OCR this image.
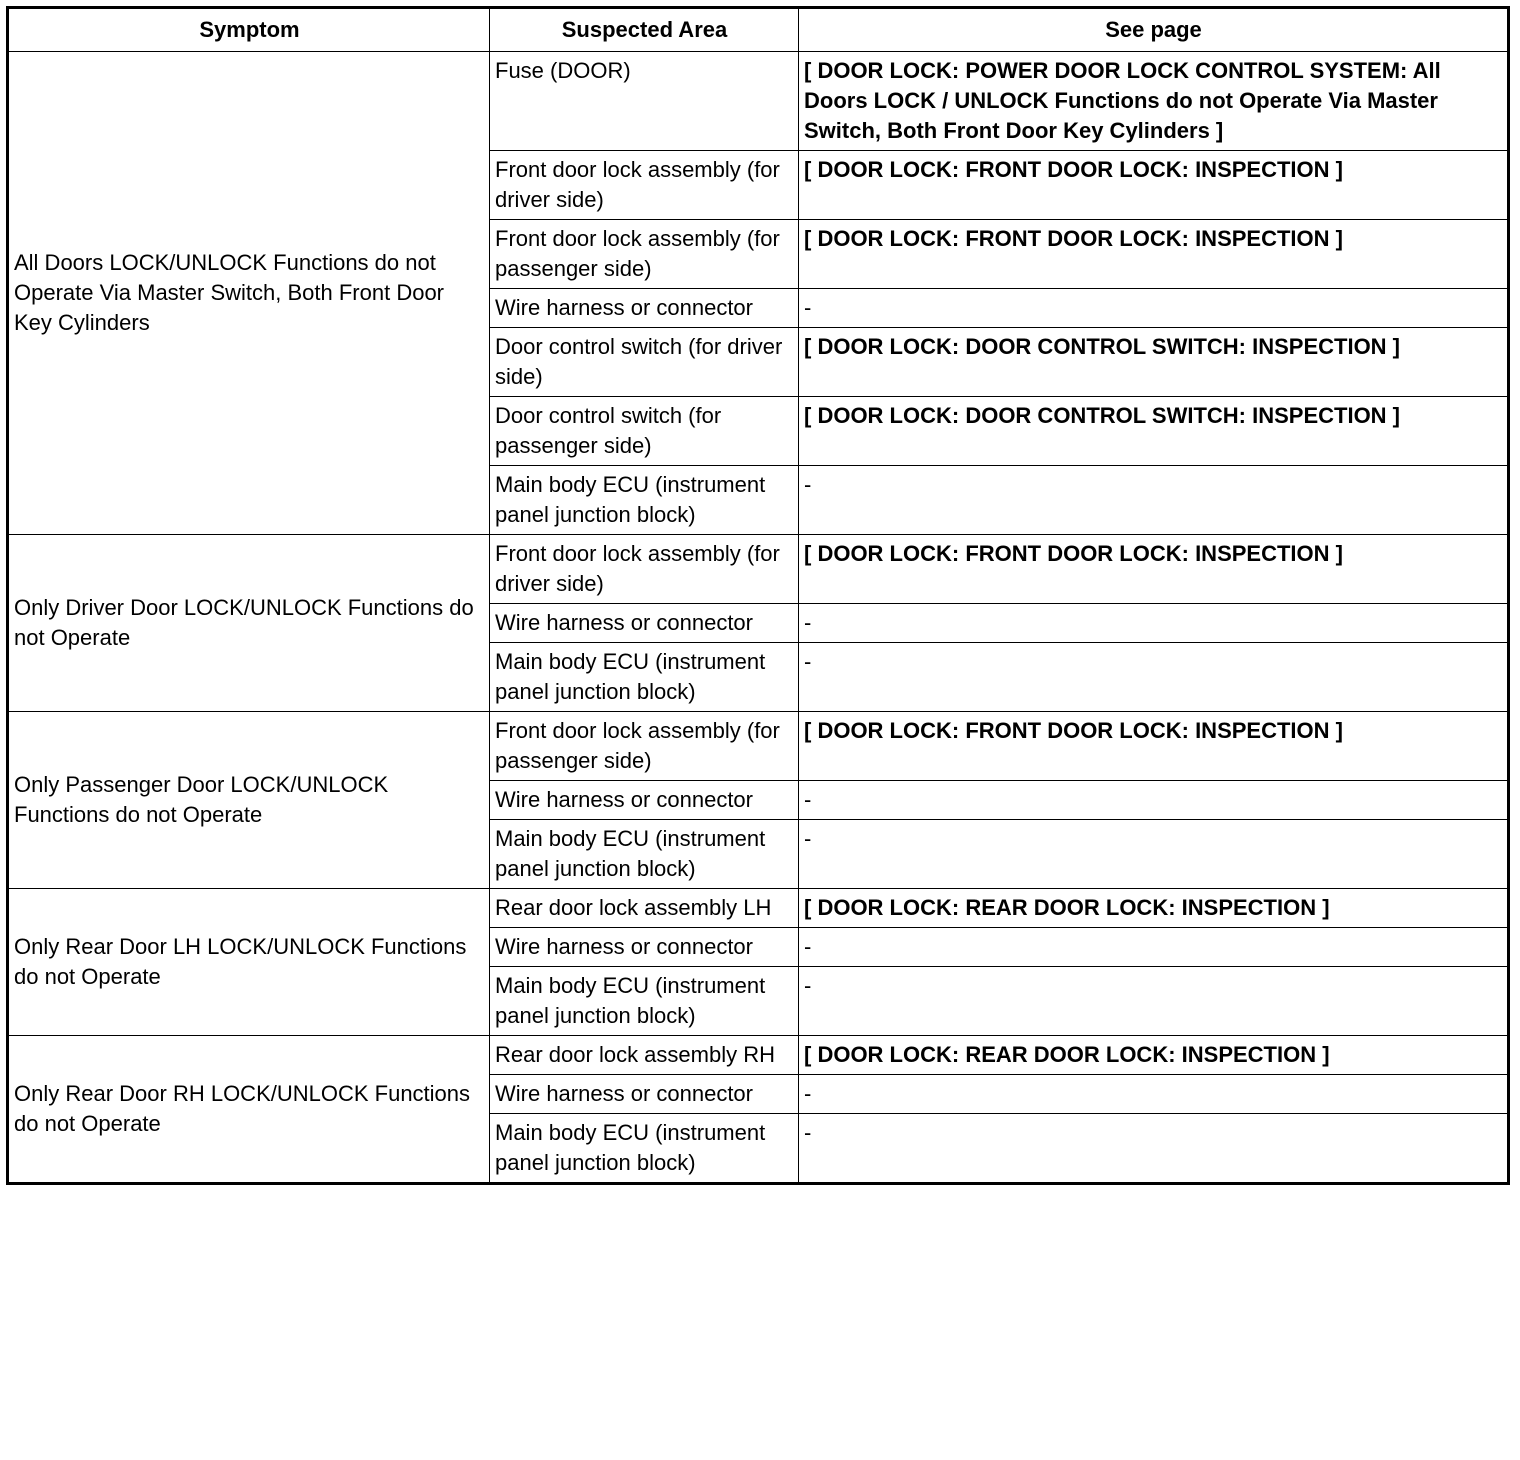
Symptom	Suspected Area	See page
All Doors LOCK/UNLOCK Functions do not Operate Via Master Switch, Both Front Door Key Cylinders	Fuse (DOOR)	[ DOOR LOCK: POWER DOOR LOCK CONTROL SYSTEM: All Doors LOCK / UNLOCK Functions do not Operate Via Master Switch, Both Front Door Key Cylinders ]
	Front door lock assembly (for driver side)	[ DOOR LOCK: FRONT DOOR LOCK: INSPECTION ]
	Front door lock assembly (for passenger side)	[ DOOR LOCK: FRONT DOOR LOCK: INSPECTION ]
	Wire harness or connector	-
	Door control switch (for driver side)	[ DOOR LOCK: DOOR CONTROL SWITCH: INSPECTION ]
	Door control switch (for passenger side)	[ DOOR LOCK: DOOR CONTROL SWITCH: INSPECTION ]
	Main body ECU (instrument panel junction block)	-
Only Driver Door LOCK/UNLOCK Functions do not Operate	Front door lock assembly (for driver side)	[ DOOR LOCK: FRONT DOOR LOCK: INSPECTION ]
	Wire harness or connector	-
	Main body ECU (instrument panel junction block)	-
Only Passenger Door LOCK/UNLOCK Functions do not Operate	Front door lock assembly (for passenger side)	[ DOOR LOCK: FRONT DOOR LOCK: INSPECTION ]
	Wire harness or connector	-
	Main body ECU (instrument panel junction block)	-
Only Rear Door LH LOCK/UNLOCK Functions do not Operate	Rear door lock assembly LH	[ DOOR LOCK: REAR DOOR LOCK: INSPECTION ]
	Wire harness or connector	-
	Main body ECU (instrument panel junction block)	-
Only Rear Door RH LOCK/UNLOCK Functions do not Operate	Rear door lock assembly RH	[ DOOR LOCK: REAR DOOR LOCK: INSPECTION ]
	Wire harness or connector	-
	Main body ECU (instrument panel junction block)	-
